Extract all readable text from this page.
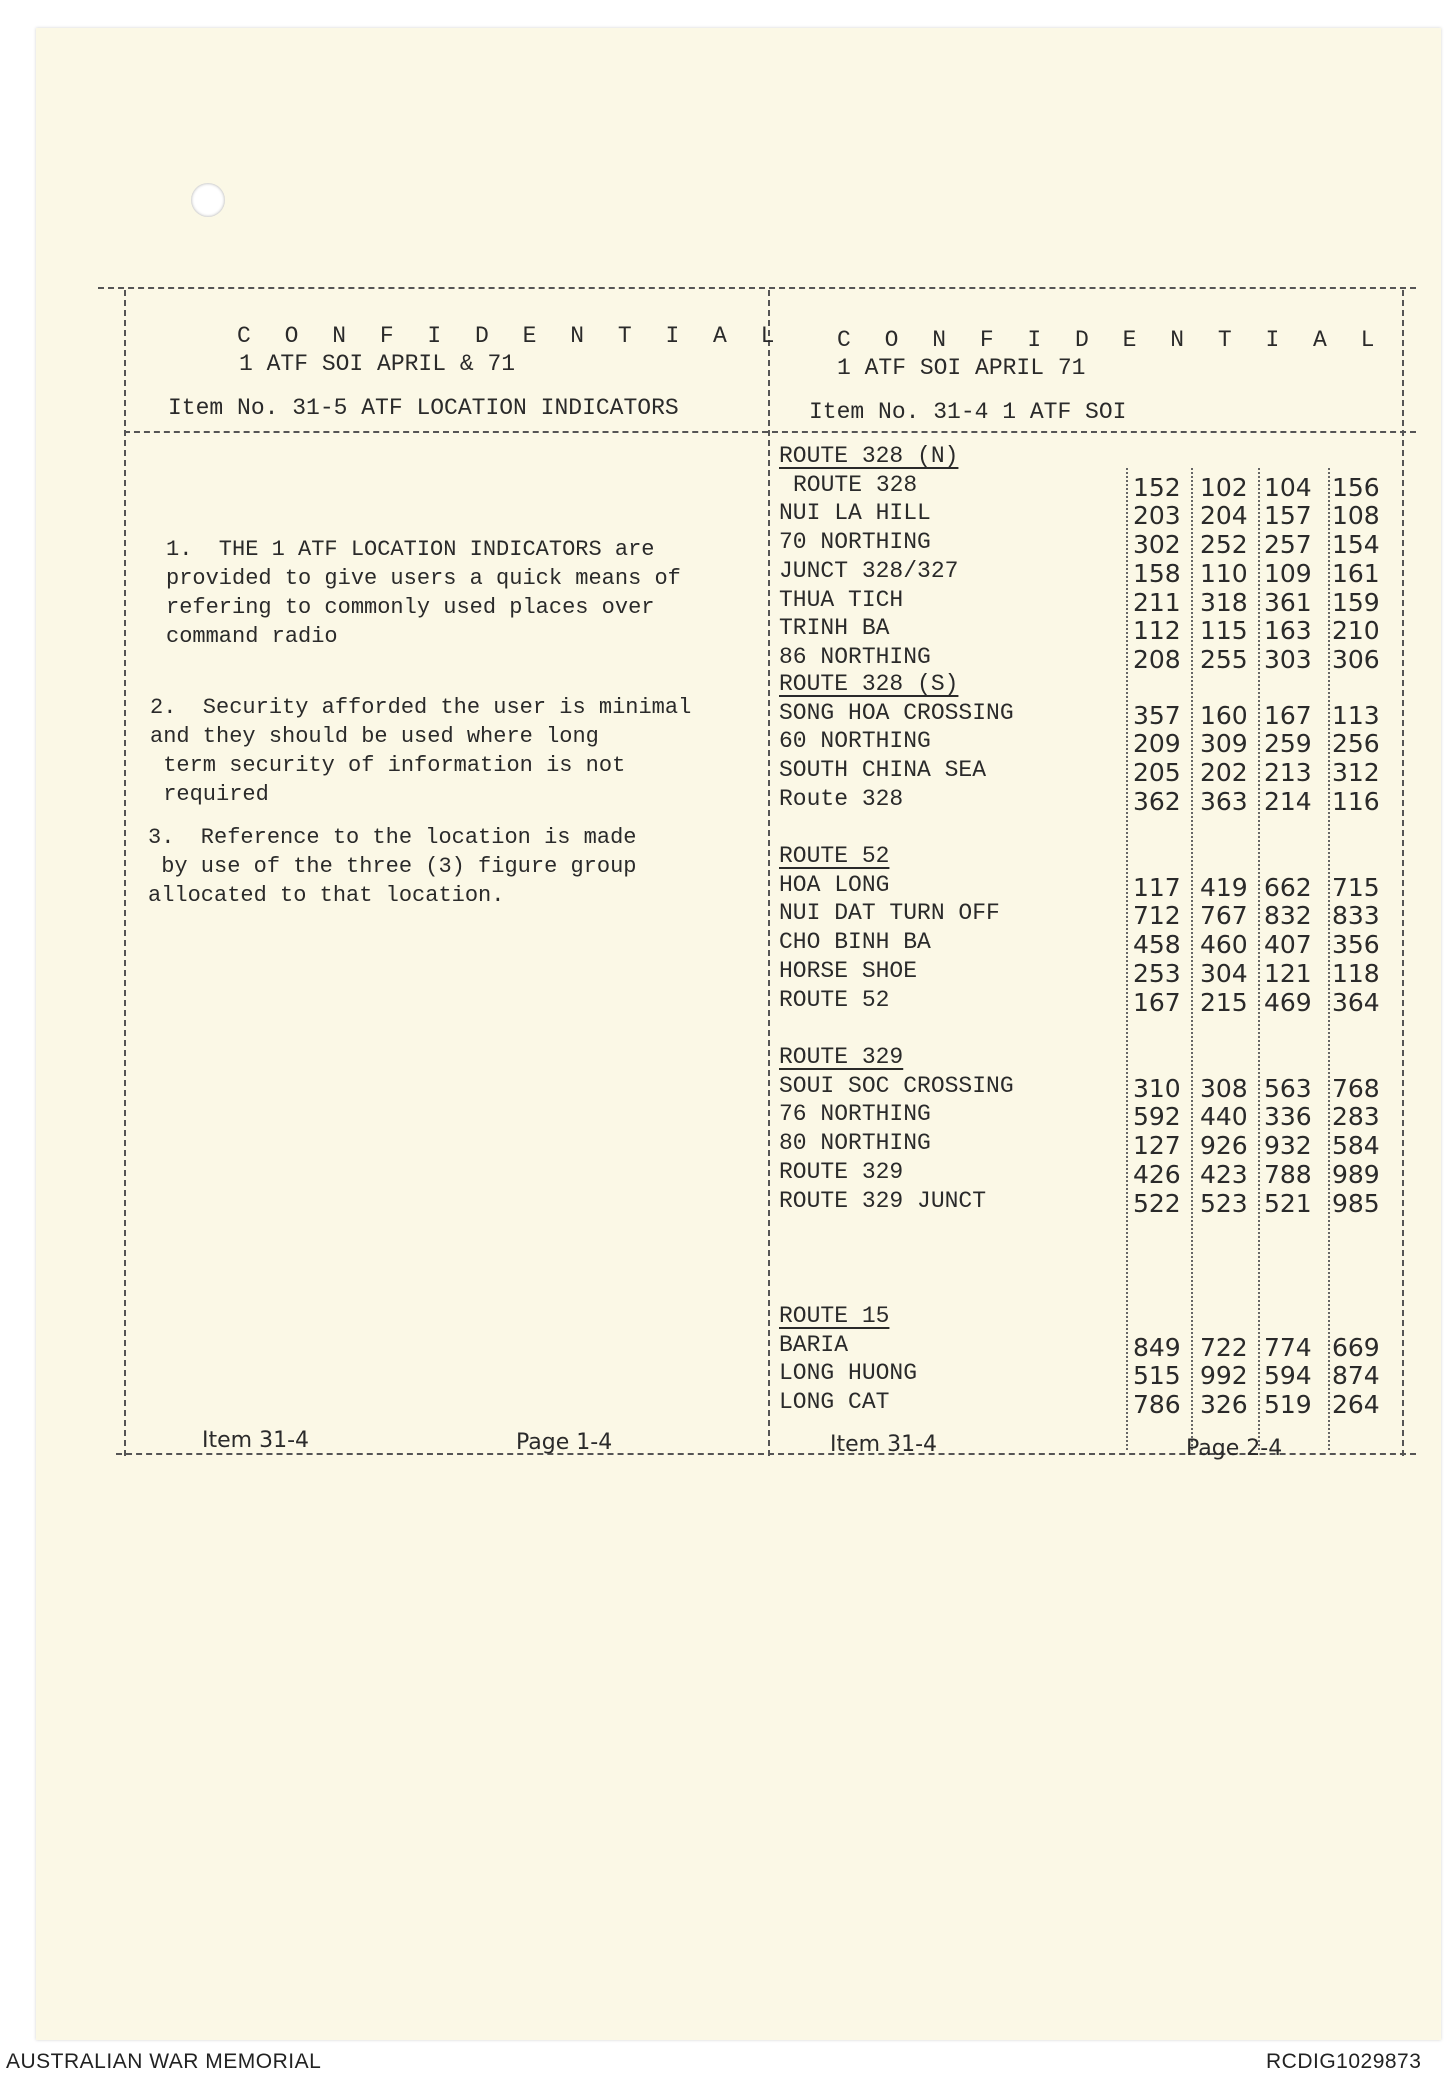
C O N F I D E N T I A L
1 ATF SOI APRIL & 71
Item No. 31-5 ATF LOCATION INDICATORS
C O N F I D E N T I A L
1 ATF SOI APRIL 71
Item No. 31-4 1 ATF SOI
1.  THE 1 ATF LOCATION INDICATORS are
provided to give users a quick means of
refering to commonly used places over
command radio
2.  Security afforded the user is minimal
and they should be used where long
term security of information is not
required
3.  Reference to the location is made
by use of the three (3) figure group
allocated to that location.
ROUTE 328 (N)
ROUTE 328	152 102 104 156
NUI LA HILL	203 204 157 108
70 NORTHING	302 252 257 154
JUNCT 328/327	158 110 109 161
THUA TICH	211 318 361 159
TRINH BA	112 115 163 210
86 NORTHING	208 255 303 306
ROUTE 328 (S)
SONG HOA CROSSING	357 160 167 113
60 NORTHING	209 309 259 256
SOUTH CHINA SEA	205 202 213 312
Route 328	362 363 214 116
ROUTE 52
HOA LONG	117 419 662 715
NUI DAT TURN OFF	712 767 832 833
CHO BINH BA	458 460 407 356
HORSE SHOE	253 304 121 118
ROUTE 52	167 215 469 364
ROUTE 329
SOUI SOC CROSSING	310 308 563 768
76 NORTHING	592 440 336 283
80 NORTHING	127 926 932 584
ROUTE 329	426 423 788 989
ROUTE 329 JUNCT	522 523 521 985
ROUTE 15
BARIA	849 722 774 669
LONG HUONG	515 992 594 874
LONG CAT	786 326 519 264
Item 31-4	Page 1-4	Item 31-4	Page 2-4
AUSTRALIAN WAR MEMORIAL	RCDIG1029873
